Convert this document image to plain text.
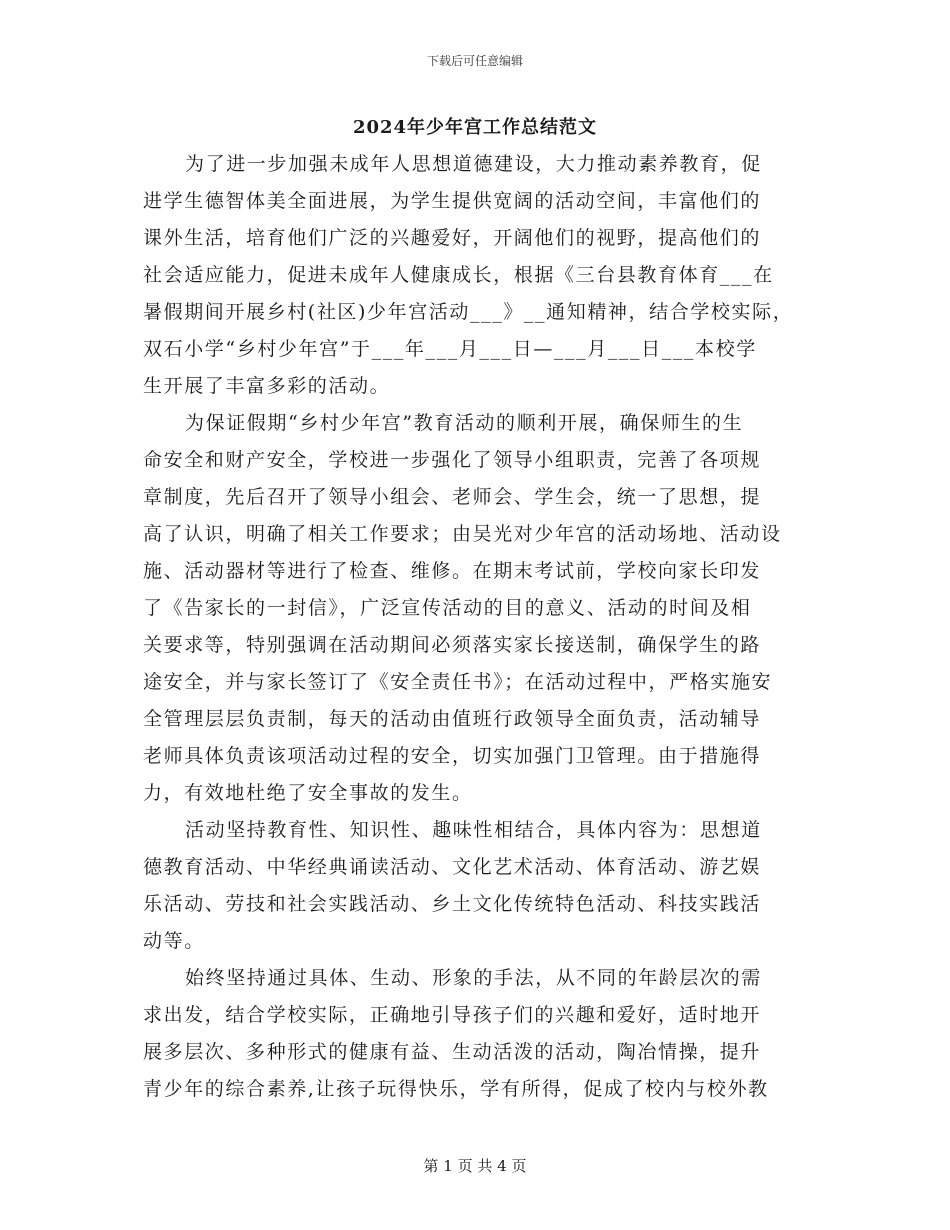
下载后可任意编辑
2024年少年宫工作总结范文
为了进一步加强未成年人思想道德建设，大力推动素养教育，促
进学生德智体美全面进展，为学生提供宽阔的活动空间，丰富他们的
课外生活，培育他们广泛的兴趣爱好，开阔他们的视野，提高他们的
社会适应能力，促进未成年人健康成长，根据《三台县教育体育___在
暑假期间开展乡村(社区)少年宫活动___》__通知精神，结合学校实际，
双石小学“乡村少年宫”于___年___月___日—___月___日___本校学
生开展了丰富多彩的活动。
为保证假期“乡村少年宫”教育活动的顺利开展，确保师生的生
命安全和财产安全，学校进一步强化了领导小组职责，完善了各项规
章制度，先后召开了领导小组会、老师会、学生会，统一了思想，提
高了认识，明确了相关工作要求；由吴光对少年宫的活动场地、活动设
施、活动器材等进行了检查、维修。在期末考试前，学校向家长印发
了《告家长的一封信》，广泛宣传活动的目的意义、活动的时间及相
关要求等，特别强调在活动期间必须落实家长接送制，确保学生的路
途安全，并与家长签订了《安全责任书》；在活动过程中，严格实施安
全管理层层负责制，每天的活动由值班行政领导全面负责，活动辅导
老师具体负责该项活动过程的安全，切实加强门卫管理。由于措施得
力，有效地杜绝了安全事故的发生。
活动坚持教育性、知识性、趣味性相结合，具体内容为：思想道
德教育活动、中华经典诵读活动、文化艺术活动、体育活动、游艺娱
乐活动、劳技和社会实践活动、乡土文化传统特色活动、科技实践活
动等。
始终坚持通过具体、生动、形象的手法，从不同的年龄层次的需
求出发，结合学校实际，正确地引导孩子们的兴趣和爱好，适时地开
展多层次、多种形式的健康有益、生动活泼的活动，陶冶情操，提升
青少年的综合素养,让孩子玩得快乐，学有所得，促成了校内与校外教
第 1 页 共 4 页
